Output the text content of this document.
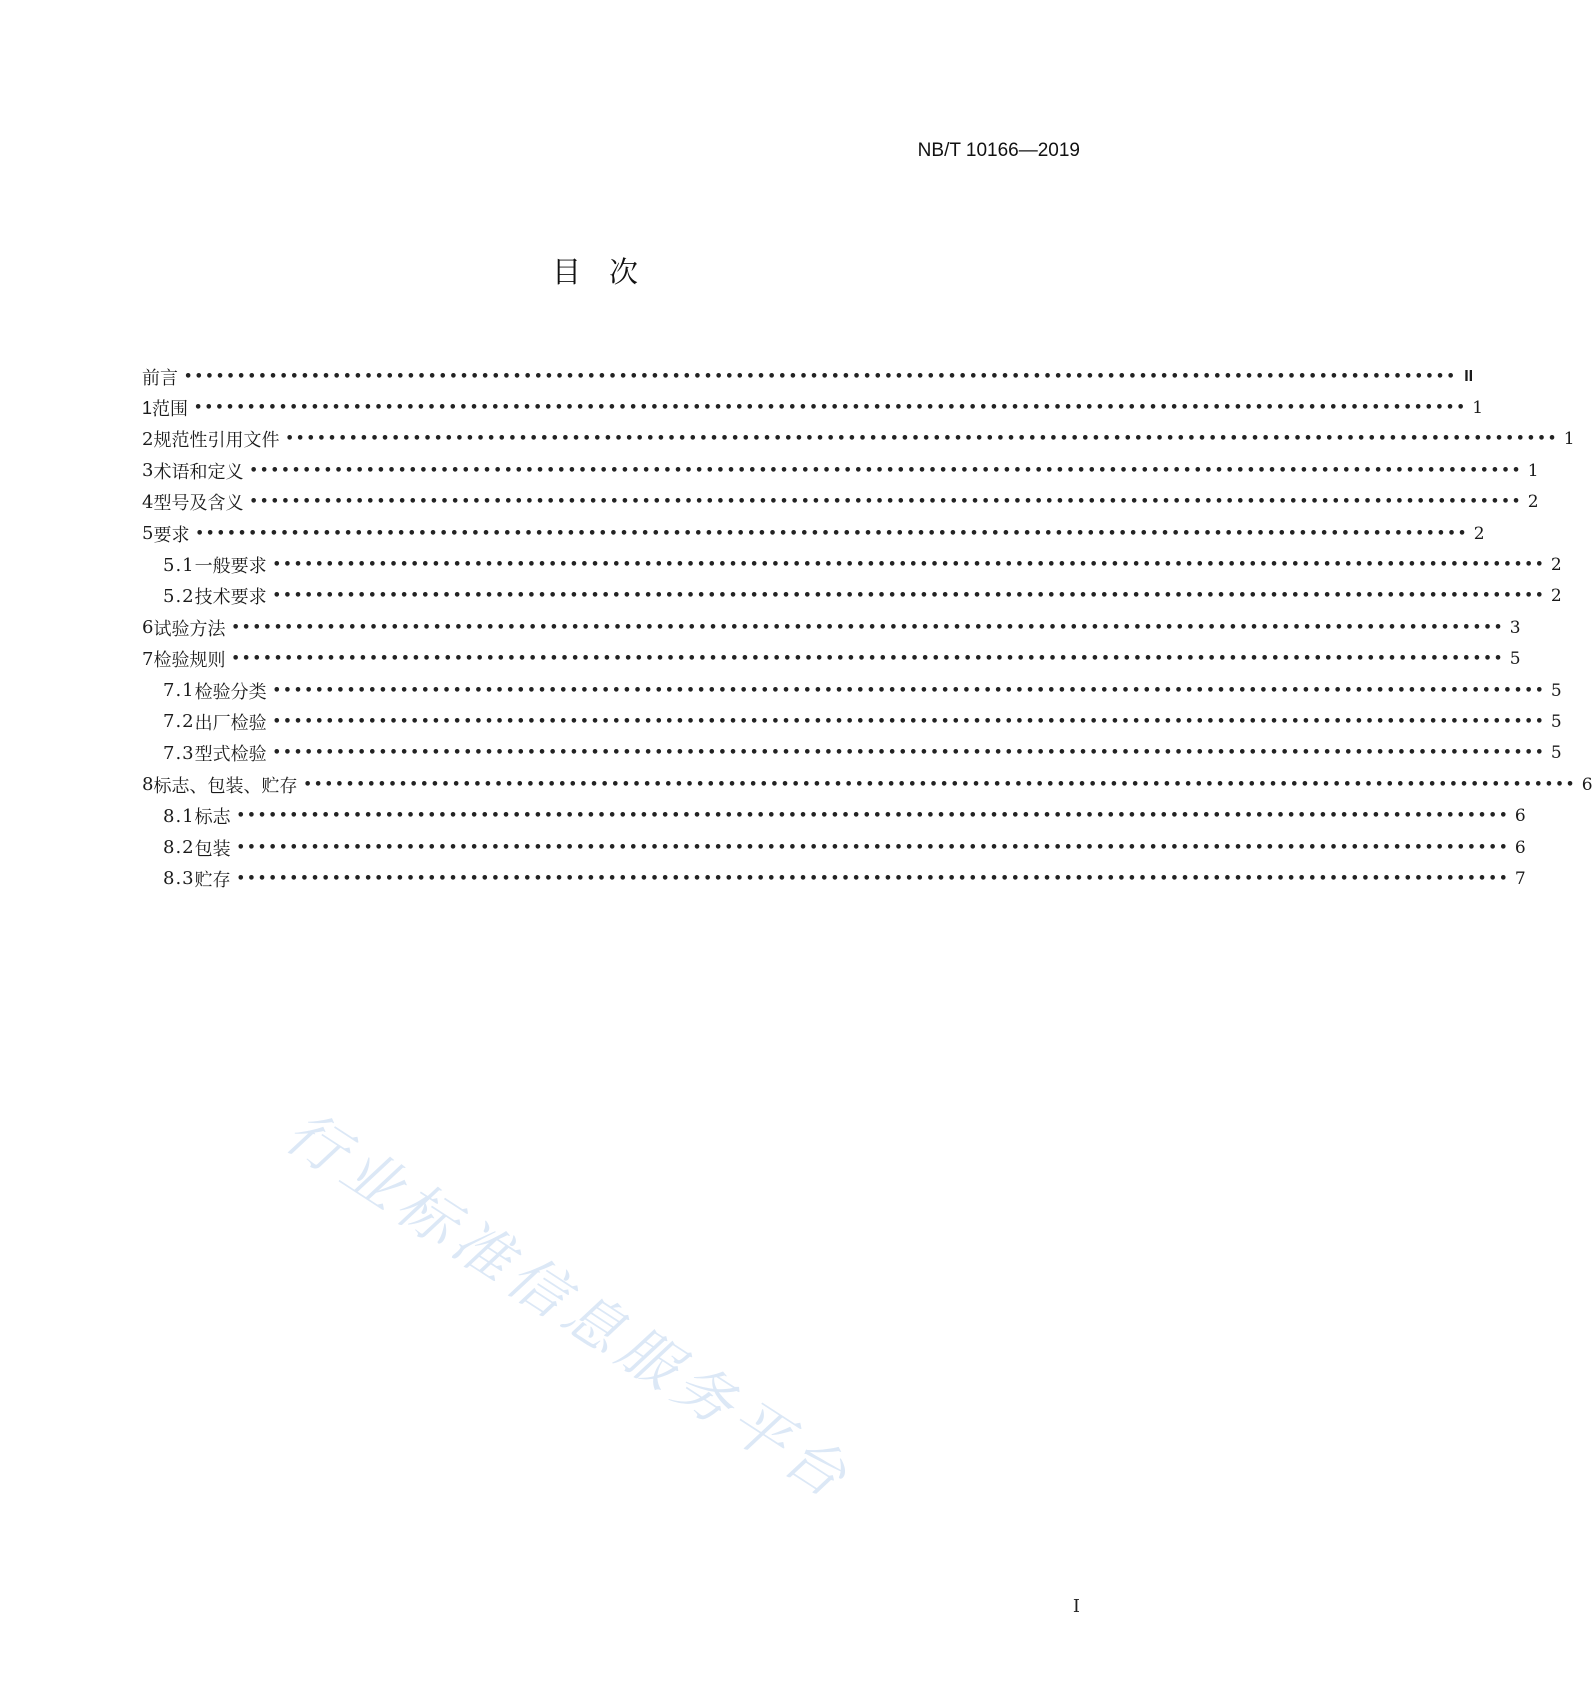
NB/T 10166—2019
目次
前言 •••••••••••••••••••••••••••••••••••••••••••••••••••••••••••••••••••••••••••••••••••••••••••••••••••••••••••••••••••••••• II
1 范围 •••••••••••••••••••••••••••••••••••••••••••••••••••••••••••••••••••••••••••••••••••••••••••••••••••••••••••••••••••••••• 1
2 规范性引用文件 •••••••••••••••••••••••••••••••••••••••••••••••••••••••••••••••••••••••••••••••••••••••••••••••••••••••••••••••••••••••• 1
3 术语和定义 •••••••••••••••••••••••••••••••••••••••••••••••••••••••••••••••••••••••••••••••••••••••••••••••••••••••••••••••••••••••• 1
4 型号及含义 •••••••••••••••••••••••••••••••••••••••••••••••••••••••••••••••••••••••••••••••••••••••••••••••••••••••••••••••••••••••• 2
5 要求 •••••••••••••••••••••••••••••••••••••••••••••••••••••••••••••••••••••••••••••••••••••••••••••••••••••••••••••••••••••••• 2
5.1 一般要求 •••••••••••••••••••••••••••••••••••••••••••••••••••••••••••••••••••••••••••••••••••••••••••••••••••••••••••••••••••••••• 2
5.2 技术要求 •••••••••••••••••••••••••••••••••••••••••••••••••••••••••••••••••••••••••••••••••••••••••••••••••••••••••••••••••••••••• 2
6 试验方法 •••••••••••••••••••••••••••••••••••••••••••••••••••••••••••••••••••••••••••••••••••••••••••••••••••••••••••••••••••••••• 3
7 检验规则 •••••••••••••••••••••••••••••••••••••••••••••••••••••••••••••••••••••••••••••••••••••••••••••••••••••••••••••••••••••••• 5
7.1 检验分类 •••••••••••••••••••••••••••••••••••••••••••••••••••••••••••••••••••••••••••••••••••••••••••••••••••••••••••••••••••••••• 5
7.2 出厂检验 •••••••••••••••••••••••••••••••••••••••••••••••••••••••••••••••••••••••••••••••••••••••••••••••••••••••••••••••••••••••• 5
7.3 型式检验 •••••••••••••••••••••••••••••••••••••••••••••••••••••••••••••••••••••••••••••••••••••••••••••••••••••••••••••••••••••••• 5
8 标志、包装、贮存 •••••••••••••••••••••••••••••••••••••••••••••••••••••••••••••••••••••••••••••••••••••••••••••••••••••••••••••••••••••••• 6
8.1 标志 •••••••••••••••••••••••••••••••••••••••••••••••••••••••••••••••••••••••••••••••••••••••••••••••••••••••••••••••••••••••• 6
8.2 包装 •••••••••••••••••••••••••••••••••••••••••••••••••••••••••••••••••••••••••••••••••••••••••••••••••••••••••••••••••••••••• 6
8.3 贮存 •••••••••••••••••••••••••••••••••••••••••••••••••••••••••••••••••••••••••••••••••••••••••••••••••••••••••••••••••••••••• 7
行业标准信息服务平台
I
